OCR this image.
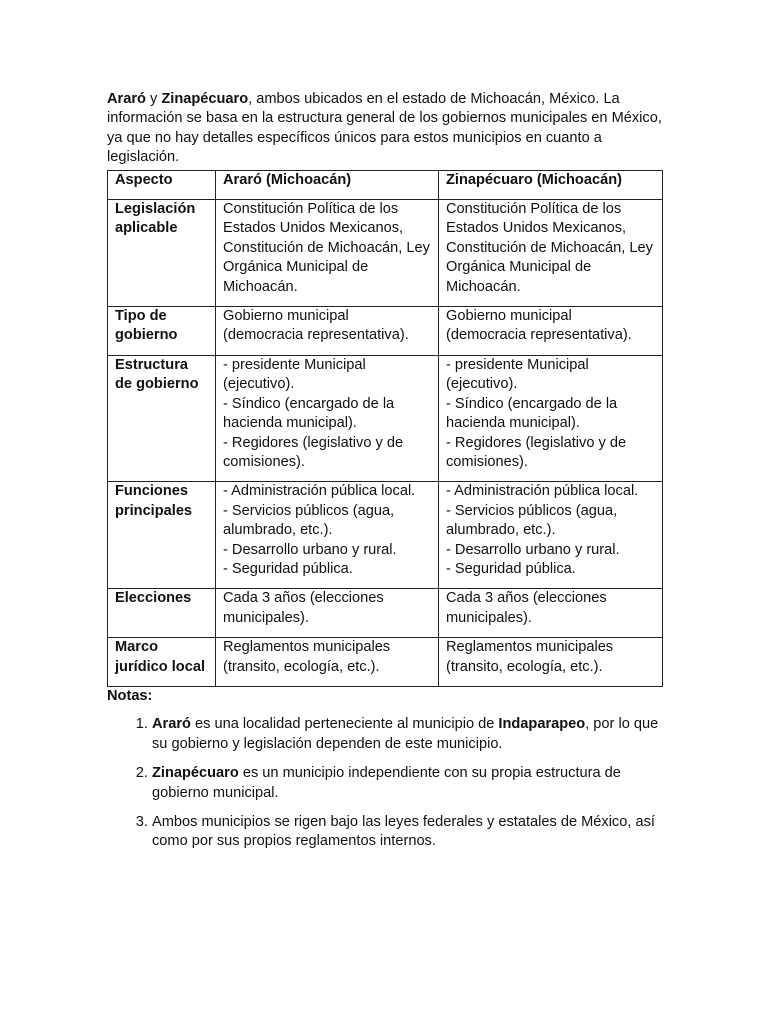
Araró y Zinapécuaro, ambos ubicados en el estado de Michoacán, México. La información se basa en la estructura general de los gobiernos municipales en México, ya que no hay detalles específicos únicos para estos municipios en cuanto a legislación.

Aspecto	Araró (Michoacán)	Zinapécuaro (Michoacán)
Legislación aplicable	Constitución Política de los Estados Unidos Mexicanos, Constitución de Michoacán, Ley Orgánica Municipal de Michoacán.	Constitución Política de los Estados Unidos Mexicanos, Constitución de Michoacán, Ley Orgánica Municipal de Michoacán.

Tipo de gobierno	Gobierno municipal (democracia representativa).	Gobierno municipal (democracia representativa).

Estructura de gobierno	- presidente Municipal (ejecutivo).
- Síndico (encargado de la hacienda municipal).
- Regidores (legislativo y de comisiones).	- presidente Municipal (ejecutivo).
- Síndico (encargado de la hacienda municipal).
- Regidores (legislativo y de comisiones).

Funciones principales	- Administración pública local.
- Servicios públicos (agua, alumbrado, etc.).
- Desarrollo urbano y rural.
- Seguridad pública.	- Administración pública local.
- Servicios públicos (agua, alumbrado, etc.).
- Desarrollo urbano y rural.
- Seguridad pública.

Elecciones	Cada 3 años (elecciones municipales).	Cada 3 años (elecciones municipales).

Marco jurídico local	Reglamentos municipales (transito, ecología, etc.).	Reglamentos municipales (transito, ecología, etc.).

Notas:

1. Araró es una localidad perteneciente al municipio de Indaparapeo, por lo que su gobierno y legislación dependen de este municipio.
2. Zinapécuaro es un municipio independiente con su propia estructura de gobierno municipal.
3. Ambos municipios se rigen bajo las leyes federales y estatales de México, así como por sus propios reglamentos internos.
